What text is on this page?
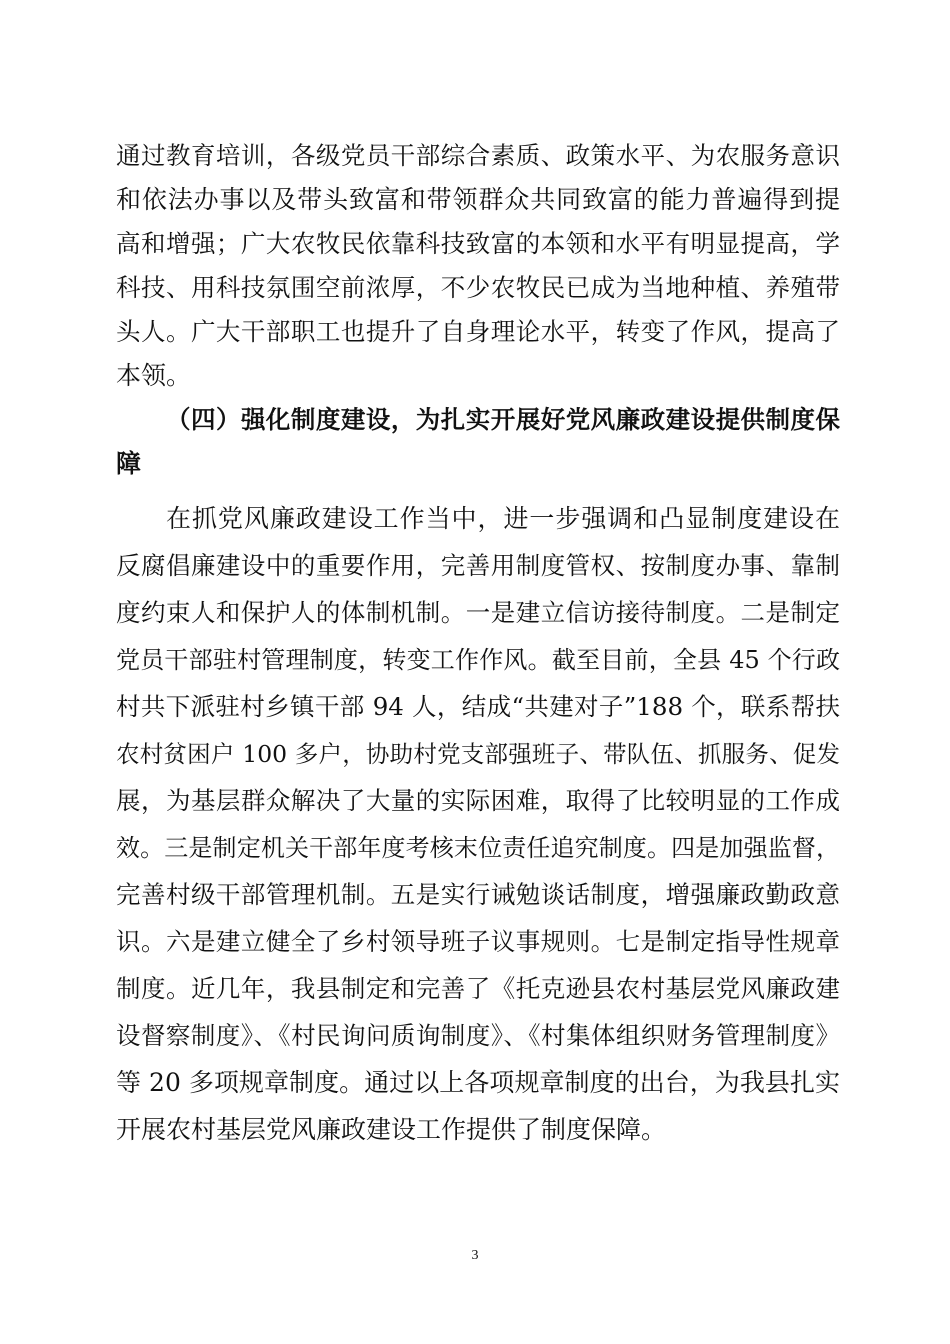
通过教育培训，各级党员干部综合素质、政策水平、为农服务意识
和依法办事以及带头致富和带领群众共同致富的能力普遍得到提
高和增强；广大农牧民依靠科技致富的本领和水平有明显提高，学
科技、用科技氛围空前浓厚，不少农牧民已成为当地种植、养殖带
头人。广大干部职工也提升了自身理论水平，转变了作风，提高了
本领。
（四）强化制度建设，为扎实开展好党风廉政建设提供制度保
障
在抓党风廉政建设工作当中，进一步强调和凸显制度建设在
反腐倡廉建设中的重要作用，完善用制度管权、按制度办事、靠制
度约束人和保护人的体制机制。一是建立信访接待制度。二是制定
党员干部驻村管理制度，转变工作作风。截至目前，全县 45 个行政
村共下派驻村乡镇干部 94 人，结成“共建对子”188 个，联系帮扶
农村贫困户 100 多户，协助村党支部强班子、带队伍、抓服务、促发
展，为基层群众解决了大量的实际困难，取得了比较明显的工作成
效。三是制定机关干部年度考核末位责任追究制度。四是加强监督，
完善村级干部管理机制。五是实行诫勉谈话制度，增强廉政勤政意
识。六是建立健全了乡村领导班子议事规则。七是制定指导性规章
制度。近几年，我县制定和完善了《托克逊县农村基层党风廉政建
设督察制度》、《村民询问质询制度》、《村集体组织财务管理制度》
等 20 多项规章制度。通过以上各项规章制度的出台，为我县扎实
开展农村基层党风廉政建设工作提供了制度保障。
3
